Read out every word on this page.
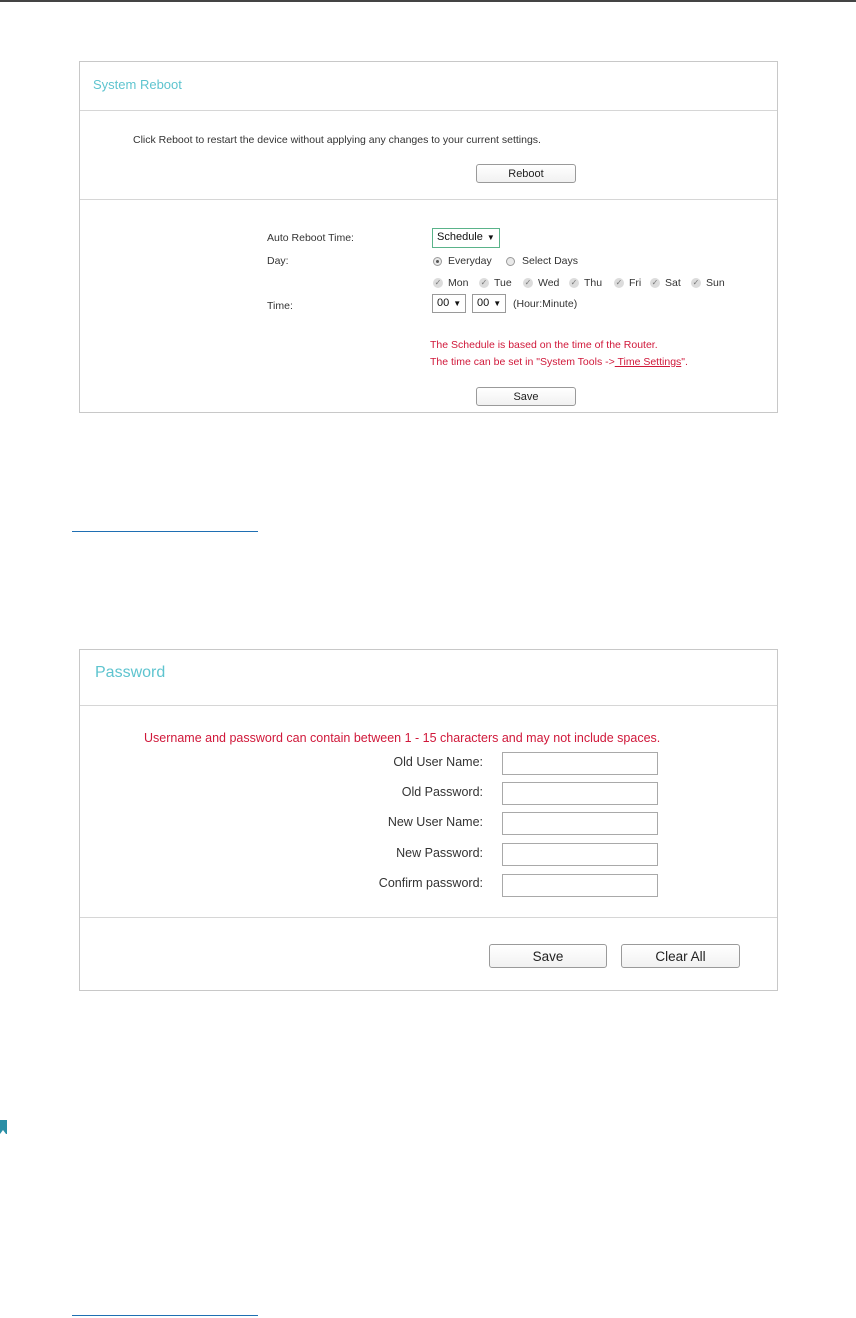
System Reboot
Click Reboot to restart the device without applying any changes to your current settings.
Reboot
Auto Reboot Time:	Schedule ▼
Day:	Everyday	Select Days
✓ Mon ✓ Tue ✓ Wed ✓ Thu ✓ Fri ✓ Sat ✓ Sun
Time:	00 ▼	00 ▼	(Hour:Minute)
The Schedule is based on the time of the Router.
The time can be set in "System Tools -> Time Settings".
Save
Password
Username and password can contain between 1 - 15 characters and may not include spaces.
Old User Name:
Old Password:
New User Name:
New Password:
Confirm password:
Save	Clear All
